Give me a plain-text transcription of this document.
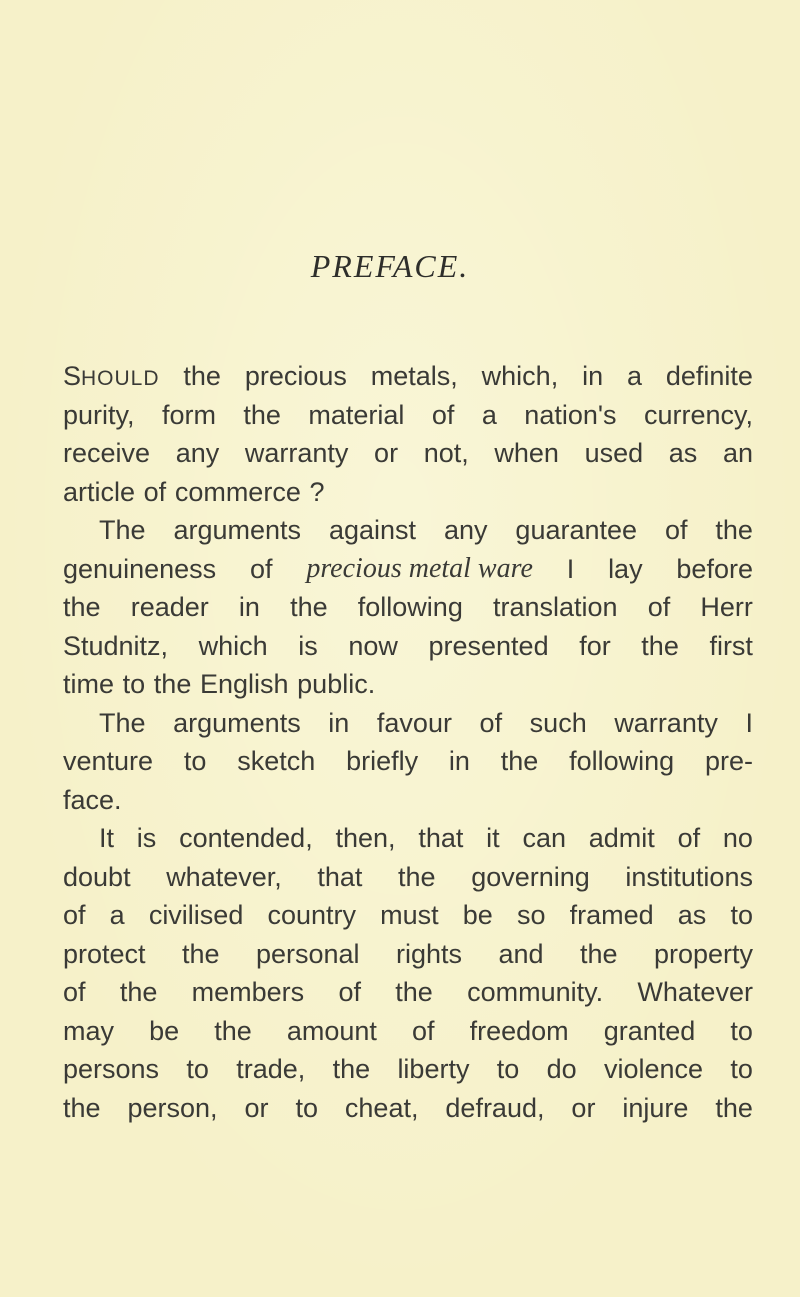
PREFACE.
SHOULD the precious metals, which, in a definite
purity, form the material of a nation's currency,
receive any warranty or not, when used as an
article of commerce ?
The arguments against any guarantee of the
genuineness of precious metal ware I lay before
the reader in the following translation of Herr
Studnitz, which is now presented for the first
time to the English public.
The arguments in favour of such warranty I
venture to sketch briefly in the following pre-
face.
It is contended, then, that it can admit of no
doubt whatever, that the governing institutions
of a civilised country must be so framed as to
protect the personal rights and the property
of the members of the community. Whatever
may be the amount of freedom granted to
persons to trade, the liberty to do violence to
the person, or to cheat, defraud, or injure the
